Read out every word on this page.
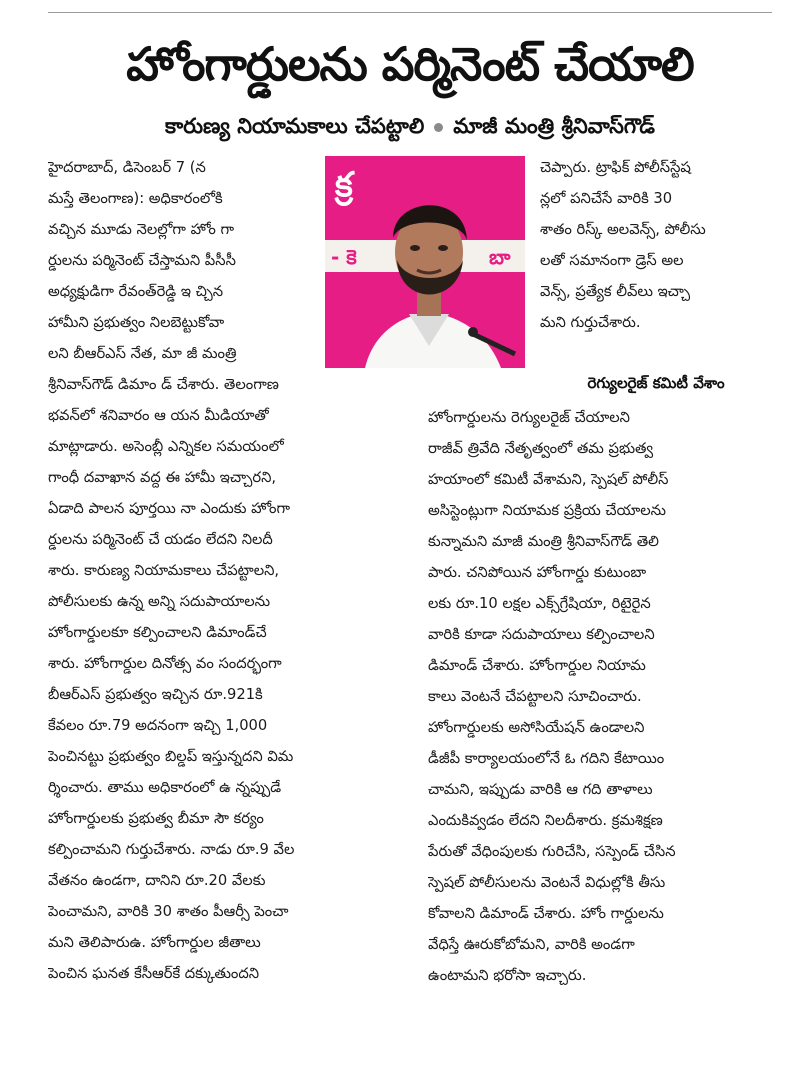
హోంగార్డులను పర్మినెంట్ చేయాలి
కారుణ్య నియామకాలు చేపట్టాలి మాజీ మంత్రి శ్రీనివాస్‌గౌడ్

హైదరాబాద్, డిసెంబర్ 7 (న

మస్తే తెలంగాణ): అధికారంలోకి

వచ్చిన మూడు నెలల్లోగా హోం గా

ర్డులను పర్మినెంట్ చేస్తామని పీసీసీ

అధ్యక్షుడిగా రేవంత్‌రెడ్డి ఇ చ్చిన

క్ర
- కె	బా

హామీని ప్రభుత్వం నిలబెట్టుకోవా

లని బీఆర్‌ఎస్ నేత, మా జీ మంత్రి

శ్రీనివాస్‌గౌడ్ డిమాం డ్ చేశారు. తెలంగాణ

భవన్‌లో శనివారం ఆ యన మీడియాతో

మాట్లాడారు. అసెంబ్లీ ఎన్నికల సమయంలో

గాంధీ దవాఖాన వద్ద ఈ హామీ ఇచ్చారని,

ఏడాది పాలన పూర్తయి నా ఎందుకు హోంగా

ర్డులను పర్మినెంట్ చే యడం లేదని నిలదీ

శారు. కారుణ్య నియామకాలు చేపట్టాలని,

పోలీసులకు ఉన్న అన్ని సదుపాయాలను

హోంగార్డులకూ కల్పించాలని డిమాండ్‌చే

శారు. హోంగార్డుల దినోత్స వం సందర్భంగా

బీఆర్‌ఎస్ ప్రభుత్వం ఇచ్చిన రూ.921కి

కేవలం రూ.79 అదనంగా ఇచ్చి 1,000

పెంచినట్టు ప్రభుత్వం బిల్డప్ ఇస్తున్నదని విమ

ర్శించారు. తాము అధికారంలో ఉ న్నప్పుడే

హోంగార్డులకు ప్రభుత్వ బీమా సౌ కర్యం

కల్పించామని గుర్తుచేశారు. నాడు రూ.9 వేల

వేతనం ఉండగా, దానిని రూ.20 వేలకు

పెంచామని, వారికి 30 శాతం పీఆర్సీ పెంచా

మని తెలిపారుఉ. హోంగార్డుల జీతాలు

పెంచిన ఘనత కేసీఆర్‌కే దక్కుతుందని

చెప్పారు. ట్రాఫిక్ పోలీస్‌స్టేష

న్లలో పనిచేసే వారికి 30

శాతం రిస్క్ అలవెన్స్, పోలీసు

లతో సమానంగా డ్రెస్ అల

వెన్స్, ప్రత్యేక లీవ్‌లు ఇచ్చా

మని గుర్తుచేశారు.

రెగ్యులరైజ్ కమిటీ వేశాం

హోంగార్డులను రెగ్యులరైజ్ చేయాలని

రాజీవ్ త్రివేది నేతృత్వంలో తమ ప్రభుత్వ

హయాంలో కమిటీ వేశామని, స్పెషల్ పోలీస్

అసిస్టెంట్లుగా నియామక ప్రక్రియ చేయాలను

కున్నామని మాజీ మంత్రి శ్రీనివాస్‌గౌడ్ తెలి

పారు. చనిపోయిన హోంగార్డు కుటుంబా

లకు రూ.10 లక్షల ఎక్స్‌గ్రేషియా, రిటైరైన

వారికి కూడా సదుపాయాలు కల్పించాలని

డిమాండ్ చేశారు. హోంగార్డుల నియామ

కాలు వెంటనే చేపట్టాలని సూచించారు.

హోంగార్డులకు అసోసియేషన్ ఉండాలని

డీజీపీ కార్యాలయంలోనే ఓ గదిని కేటాయిం

చామని, ఇప్పుడు వారికి ఆ గది తాళాలు

ఎందుకివ్వడం లేదని నిలదీశారు. క్రమశిక్షణ

పేరుతో వేధింపులకు గురిచేసి, సస్పెండ్ చేసిన

స్పెషల్ పోలీసులను వెంటనే విధుల్లోకి తీసు

కోవాలని డిమాండ్ చేశారు. హోం గార్డులను

వేధిస్తే ఊరుకోబోమని, వారికి అండగా

ఉంటామని భరోసా ఇచ్చారు.
